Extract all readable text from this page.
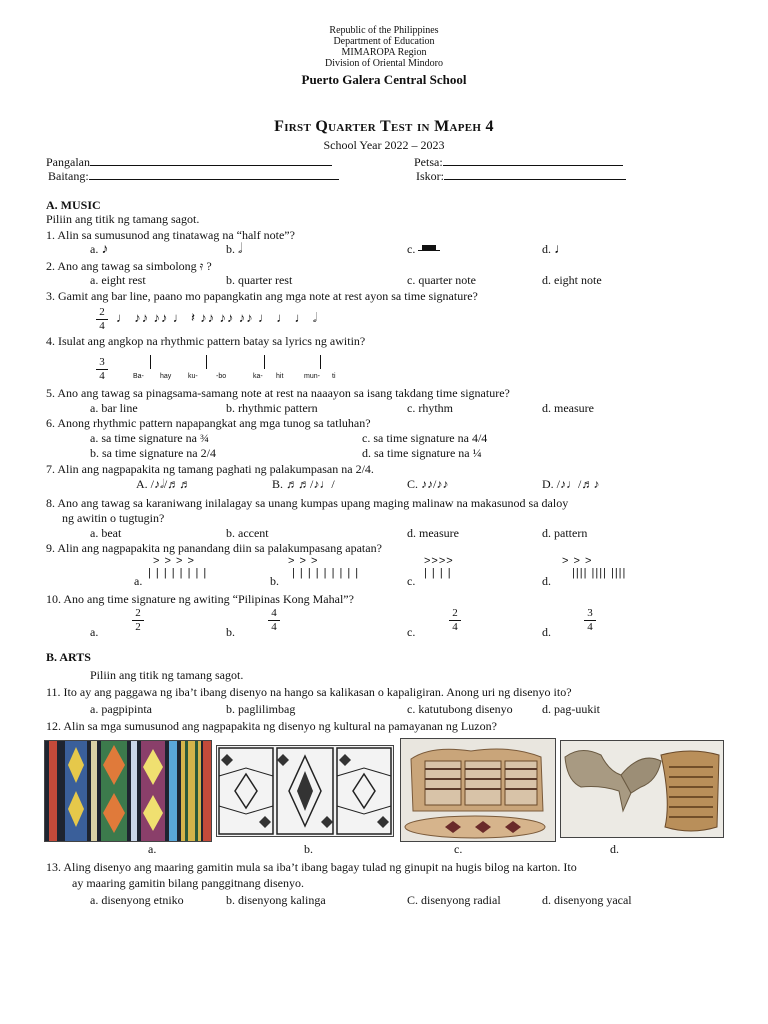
Republic of the Philippines
Department of Education
MIMAROPA Region
Division of Oriental Mindoro
Puerto Galera Central School
First Quarter Test in Mapeh 4
School Year 2022 – 2023
Pangalan
Baitang:
Petsa:
Iskor:
A. MUSIC
Piliin ang titik ng tamang sagot.
1. Alin sa sumusunod ang tinatawag na “half note”?
a. ♪	b. 𝅗𝅥	c.	d. ♩
2. Ano ang tawag sa simbolong 𝄿 ?
a. eight rest	b. quarter rest	c. quarter note	d. eight note
3. Gamit ang bar line, paano mo papangkatin ang mga note at rest ayon sa time signature?
2
4
♩ ♪♪ ♪♪ ♩ 𝄽 ♪♪ ♪♪ ♪♪ ♩ ♩ ♩ 𝅗𝅥
4. Isulat ang angkop na rhythmic pattern batay sa lyrics ng awitin?
3
4	Ba- hay ku-	-bo	ka- hit	mun- ti
5. Ano ang tawag sa pinagsama-samang note at rest na naaayon sa isang takdang time signature?
a. bar line	b. rhythmic pattern	c. rhythm	d. measure
6. Anong rhythmic pattern napapangkat ang mga tunog sa tatluhan?
a. sa time signature na ¾
b. sa time signature na 2/4
c. sa time signature na 4/4
d. sa time signature na ¼
7. Alin ang nagpapakita ng tamang paghati ng palakumpasan na 2/4.
A. /♪𝅗𝅥/♬♬	B. ♬♬/♪♩/	C. ♪♪/♪♪	D. /♪♩/♬♪
8. Ano ang tawag sa karaniwang inilalagay sa unang kumpas upang maging malinaw na makasunod sa daloy
ng awitin o tugtugin?
a. beat	b. accent	d. measure	d. pattern
9. Alin ang nagpapakita ng panandang diin sa palakumpasang apatan?
> > > >
| | | | | | | |
a.
> > >
| | | | | | | | |
b.
>>>>
| | | |
c.
> > >
|||| |||| ||||
d.
10. Ano ang time signature ng awiting “Pilipinas Kong Mahal”?
a.
2
2	b.
4
4	c.
2
4	d.
3
4
B. ARTS
Piliin ang titik ng tamang sagot.
11. Ito ay ang paggawa ng iba’t ibang disenyo na hango sa kalikasan o kapaligiran. Anong uri ng disenyo ito?
a. pagpipinta	b. paglilimbag	c. katutubong disenyo d. pag-uukit
12. Alin sa mga sumusunod ang nagpapakita ng disenyo ng kultural na pamayanan ng Luzon?
a.	b.	c.	d.
13. Aling disenyo ang maaring gamitin mula sa iba’t ibang bagay tulad ng ginupit na hugis bilog na karton. Ito
ay maaring gamitin bilang panggitnang disenyo.
a. disenyong etniko	b. disenyong kalinga	C. disenyong radial	d. disenyong yacal
